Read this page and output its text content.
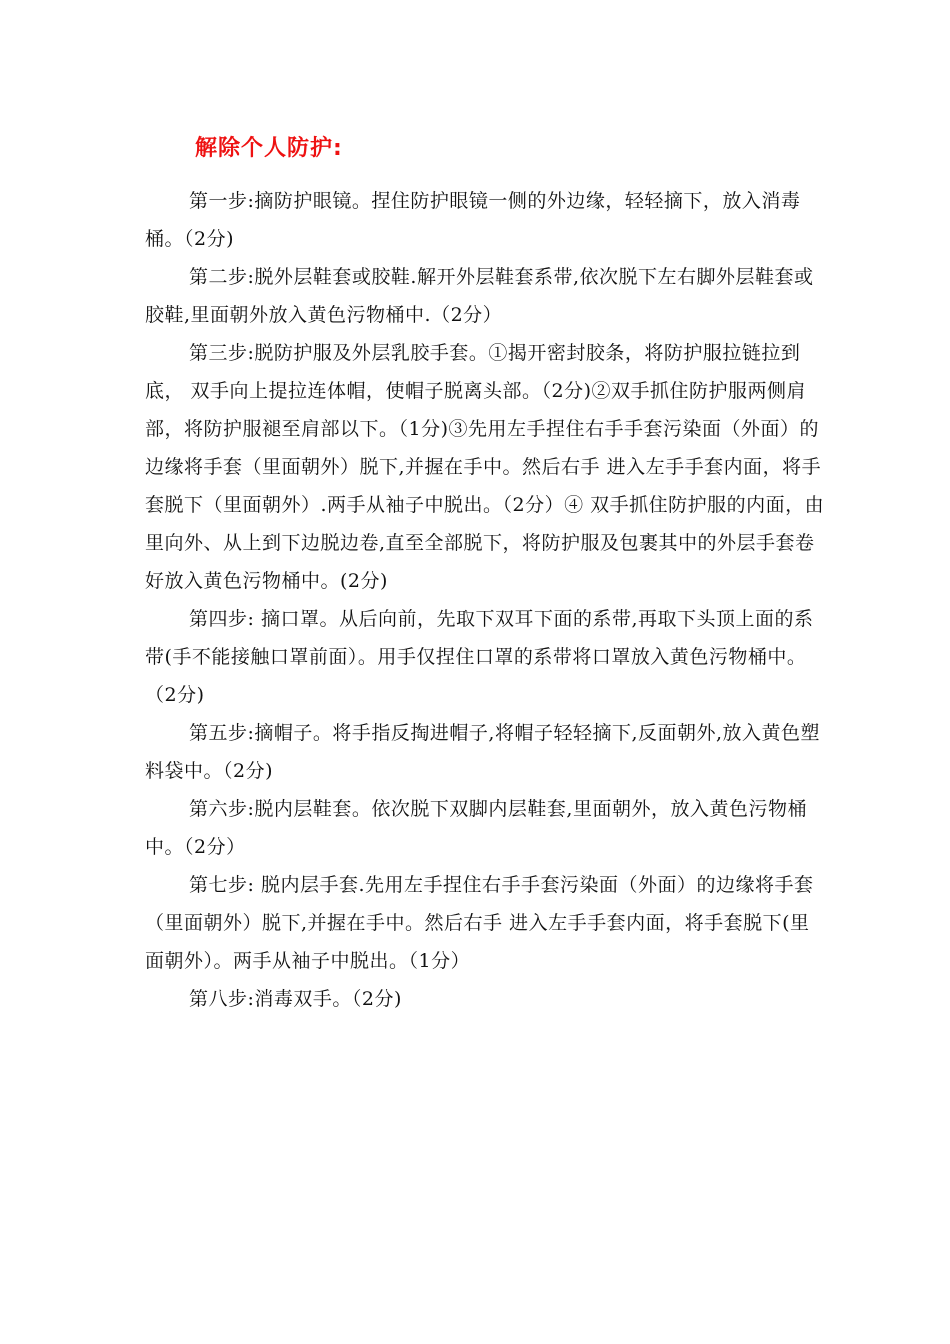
解除个人防护:

第一步:摘防护眼镜。捏住防护眼镜一侧的外边缘，轻轻摘下，放入消毒桶。（2分)

第二步:脱外层鞋套或胶鞋.解开外层鞋套系带,依次脱下左右脚外层鞋套或胶鞋,里面朝外放入黄色污物桶中.（2分）

第三步:脱防护服及外层乳胶手套。①揭开密封胶条，将防护服拉链拉到底， 双手向上提拉连体帽，使帽子脱离头部。（2分)②双手抓住防护服两侧肩部，将防护服褪至肩部以下。（1分)③先用左手捏住右手手套污染面（外面）的边缘将手套（里面朝外）脱下,并握在手中。然后右手 进入左手手套内面，将手套脱下（里面朝外）.两手从袖子中脱出。（2分）④ 双手抓住防护服的内面，由里向外、从上到下边脱边卷,直至全部脱下，将防护服及包裹其中的外层手套卷好放入黄色污物桶中。(2分)

第四步: 摘口罩。从后向前，先取下双耳下面的系带,再取下头顶上面的系带(手不能接触口罩前面）。用手仅捏住口罩的系带将口罩放入黄色污物桶中。（2分)

第五步:摘帽子。将手指反掏进帽子,将帽子轻轻摘下,反面朝外,放入黄色塑料袋中。（2分)

第六步:脱内层鞋套。依次脱下双脚内层鞋套,里面朝外，放入黄色污物桶中。（2分）

第七步: 脱内层手套.先用左手捏住右手手套污染面（外面）的边缘将手套（里面朝外）脱下,并握在手中。然后右手 进入左手手套内面，将手套脱下(里面朝外）。两手从袖子中脱出。（1分）

第八步:消毒双手。（2分)
